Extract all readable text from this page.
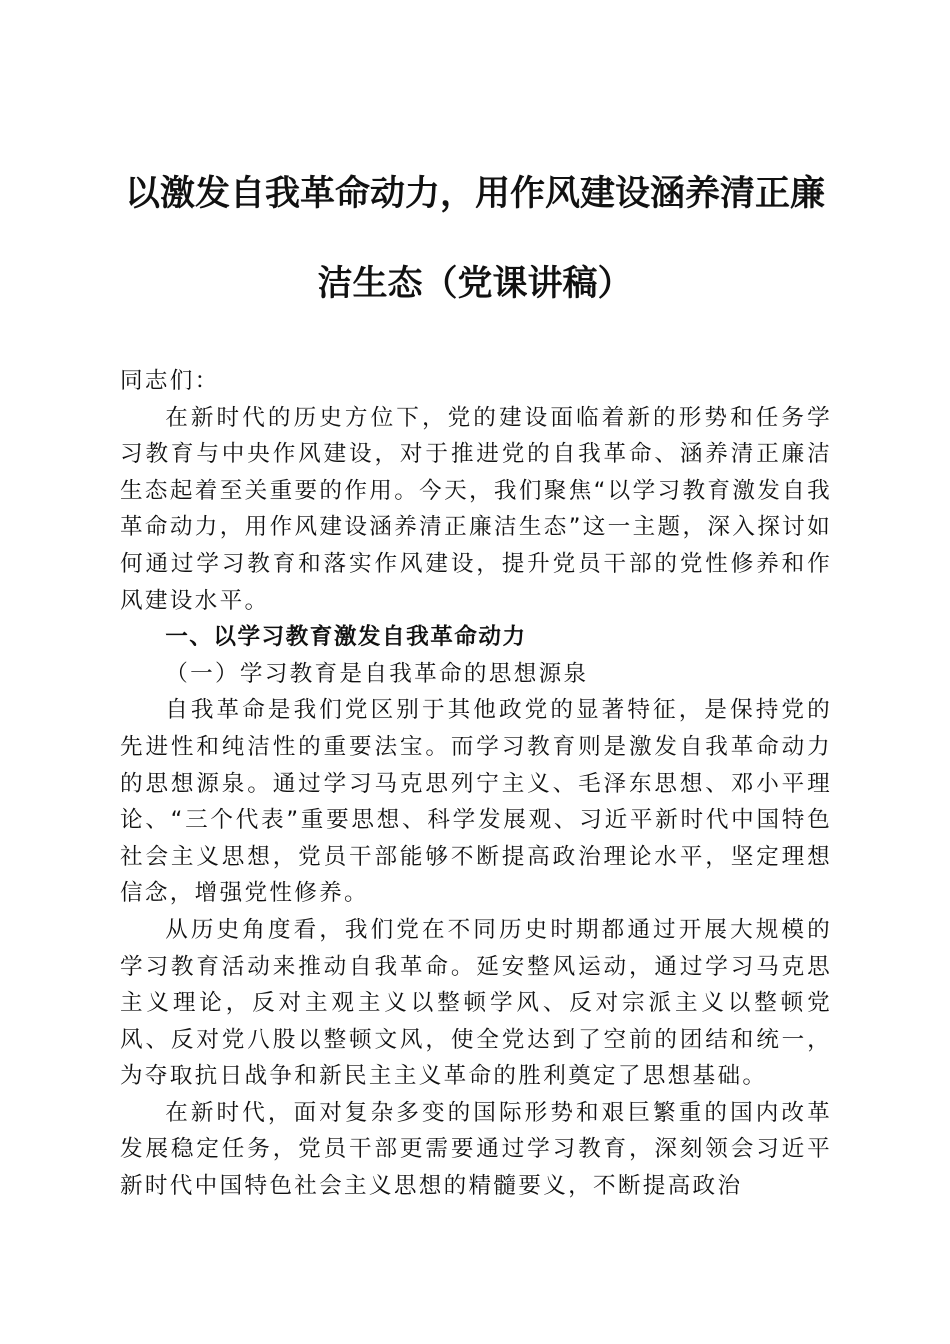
以激发自我革命动力，用作风建设涵养清正廉
洁生态（党课讲稿）

同志们：

在新时代的历史方位下，党的建设面临着新的形势和任务学习教育与中央作风建设，对于推进党的自我革命、涵养清正廉洁生态起着至关重要的作用。今天，我们聚焦“以学习教育激发自我革命动力，用作风建设涵养清正廉洁生态”这一主题，深入探讨如何通过学习教育和落实作风建设，提升党员干部的党性修养和作风建设水平。

一、以学习教育激发自我革命动力

（一）学习教育是自我革命的思想源泉

自我革命是我们党区别于其他政党的显著特征，是保持党的先进性和纯洁性的重要法宝。而学习教育则是激发自我革命动力的思想源泉。通过学习马克思列宁主义、毛泽东思想、邓小平理论、“三个代表”重要思想、科学发展观、习近平新时代中国特色社会主义思想，党员干部能够不断提高政治理论水平，坚定理想信念，增强党性修养。

从历史角度看，我们党在不同历史时期都通过开展大规模的学习教育活动来推动自我革命。延安整风运动，通过学习马克思主义理论，反对主观主义以整顿学风、反对宗派主义以整顿党风、反对党八股以整顿文风，使全党达到了空前的团结和统一，为夺取抗日战争和新民主主义革命的胜利奠定了思想基础。

在新时代，面对复杂多变的国际形势和艰巨繁重的国内改革发展稳定任务，党员干部更需要通过学习教育，深刻领会习近平新时代中国特色社会主义思想的精髓要义，不断提高政治
